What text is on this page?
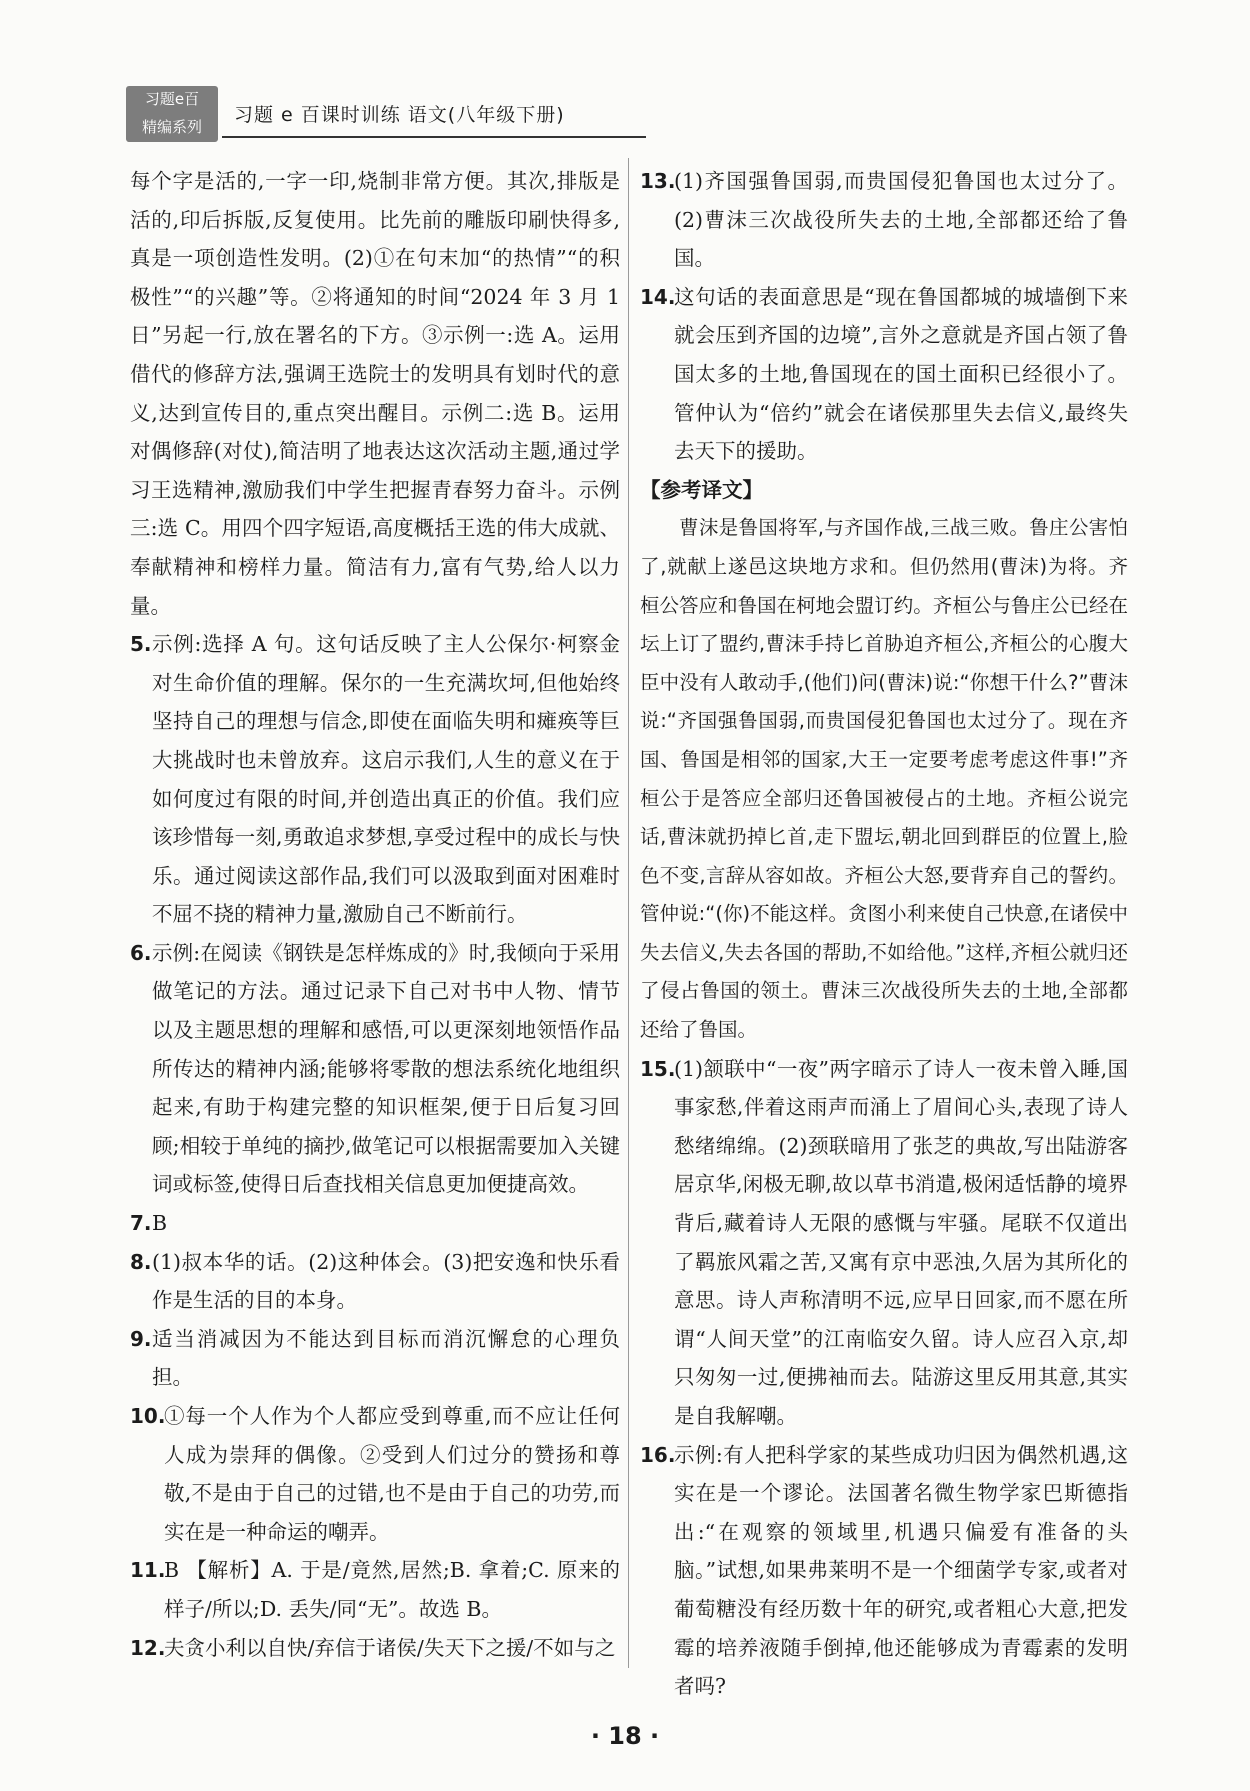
习题e百
精编系列
习题 e 百课时训练 语文(八年级下册)
每个字是活的,一字一印,烧制非常方便。其次,排版是活的,印后拆版,反复使用。比先前的雕版印刷快得多,真是一项创造性发明。(2)①在句末加“的热情”“的积极性”“的兴趣”等。②将通知的时间“2024 年 3 月 1 日”另起一行,放在署名的下方。③示例一:选 A。运用借代的修辞方法,强调王选院士的发明具有划时代的意义,达到宣传目的,重点突出醒目。示例二:选 B。运用对偶修辞(对仗),简洁明了地表达这次活动主题,通过学习王选精神,激励我们中学生把握青春努力奋斗。示例三:选 C。用四个四字短语,高度概括王选的伟大成就、奉献精神和榜样力量。简洁有力,富有气势,给人以力量。
5. 示例:选择 A 句。这句话反映了主人公保尔·柯察金对生命价值的理解。保尔的一生充满坎坷,但他始终坚持自己的理想与信念,即使在面临失明和瘫痪等巨大挑战时也未曾放弃。这启示我们,人生的意义在于如何度过有限的时间,并创造出真正的价值。我们应该珍惜每一刻,勇敢追求梦想,享受过程中的成长与快乐。通过阅读这部作品,我们可以汲取到面对困难时不屈不挠的精神力量,激励自己不断前行。
6. 示例:在阅读《钢铁是怎样炼成的》时,我倾向于采用做笔记的方法。通过记录下自己对书中人物、情节以及主题思想的理解和感悟,可以更深刻地领悟作品所传达的精神内涵;能够将零散的想法系统化地组织起来,有助于构建完整的知识框架,便于日后复习回顾;相较于单纯的摘抄,做笔记可以根据需要加入关键词或标签,使得日后查找相关信息更加便捷高效。
7. B
8. (1)叔本华的话。(2)这种体会。(3)把安逸和快乐看作是生活的目的本身。
9. 适当消减因为不能达到目标而消沉懈怠的心理负担。
10.
①每一个人作为个人都应受到尊重,而不应让任何人成为崇拜的偶像。②受到人们过分的赞扬和尊敬,不是由于自己的过错,也不是由于自己的功劳,而实在是一种命运的嘲弄。
11.
B 【解析】A. 于是/竟然,居然;B. 拿着;C. 原来的样子/所以;D. 丢失/同“无”。故选 B。
12.
夫贪小利以自快/弃信于诸侯/失天下之援/不如与之
13.
(1)齐国强鲁国弱,而贵国侵犯鲁国也太过分了。(2)曹沫三次战役所失去的土地,全部都还给了鲁国。
14.
这句话的表面意思是“现在鲁国都城的城墙倒下来就会压到齐国的边境”,言外之意就是齐国占领了鲁国太多的土地,鲁国现在的国土面积已经很小了。管仲认为“倍约”就会在诸侯那里失去信义,最终失去天下的援助。
【参考译文】
曹沫是鲁国将军,与齐国作战,三战三败。鲁庄公害怕了,就献上遂邑这块地方求和。但仍然用(曹沫)为将。齐桓公答应和鲁国在柯地会盟订约。齐桓公与鲁庄公已经在坛上订了盟约,曹沫手持匕首胁迫齐桓公,齐桓公的心腹大臣中没有人敢动手,(他们)问(曹沫)说:“你想干什么?”曹沫说:“齐国强鲁国弱,而贵国侵犯鲁国也太过分了。现在齐国、鲁国是相邻的国家,大王一定要考虑考虑这件事!”齐桓公于是答应全部归还鲁国被侵占的土地。齐桓公说完话,曹沫就扔掉匕首,走下盟坛,朝北回到群臣的位置上,脸色不变,言辞从容如故。齐桓公大怒,要背弃自己的誓约。管仲说:“(你)不能这样。贪图小利来使自己快意,在诸侯中失去信义,失去各国的帮助,不如给他。”这样,齐桓公就归还了侵占鲁国的领土。曹沫三次战役所失去的土地,全部都还给了鲁国。
15.
(1)颔联中“一夜”两字暗示了诗人一夜未曾入睡,国事家愁,伴着这雨声而涌上了眉间心头,表现了诗人愁绪绵绵。(2)颈联暗用了张芝的典故,写出陆游客居京华,闲极无聊,故以草书消遣,极闲适恬静的境界背后,藏着诗人无限的感慨与牢骚。尾联不仅道出了羁旅风霜之苦,又寓有京中恶浊,久居为其所化的意思。诗人声称清明不远,应早日回家,而不愿在所谓“人间天堂”的江南临安久留。诗人应召入京,却只匆匆一过,便拂袖而去。陆游这里反用其意,其实是自我解嘲。
16.
示例:有人把科学家的某些成功归因为偶然机遇,这实在是一个谬论。法国著名微生物学家巴斯德指出:“在观察的领域里,机遇只偏爱有准备的头脑。”试想,如果弗莱明不是一个细菌学专家,或者对葡萄糖没有经历数十年的研究,或者粗心大意,把发霉的培养液随手倒掉,他还能够成为青霉素的发明者吗?
· 18 ·
